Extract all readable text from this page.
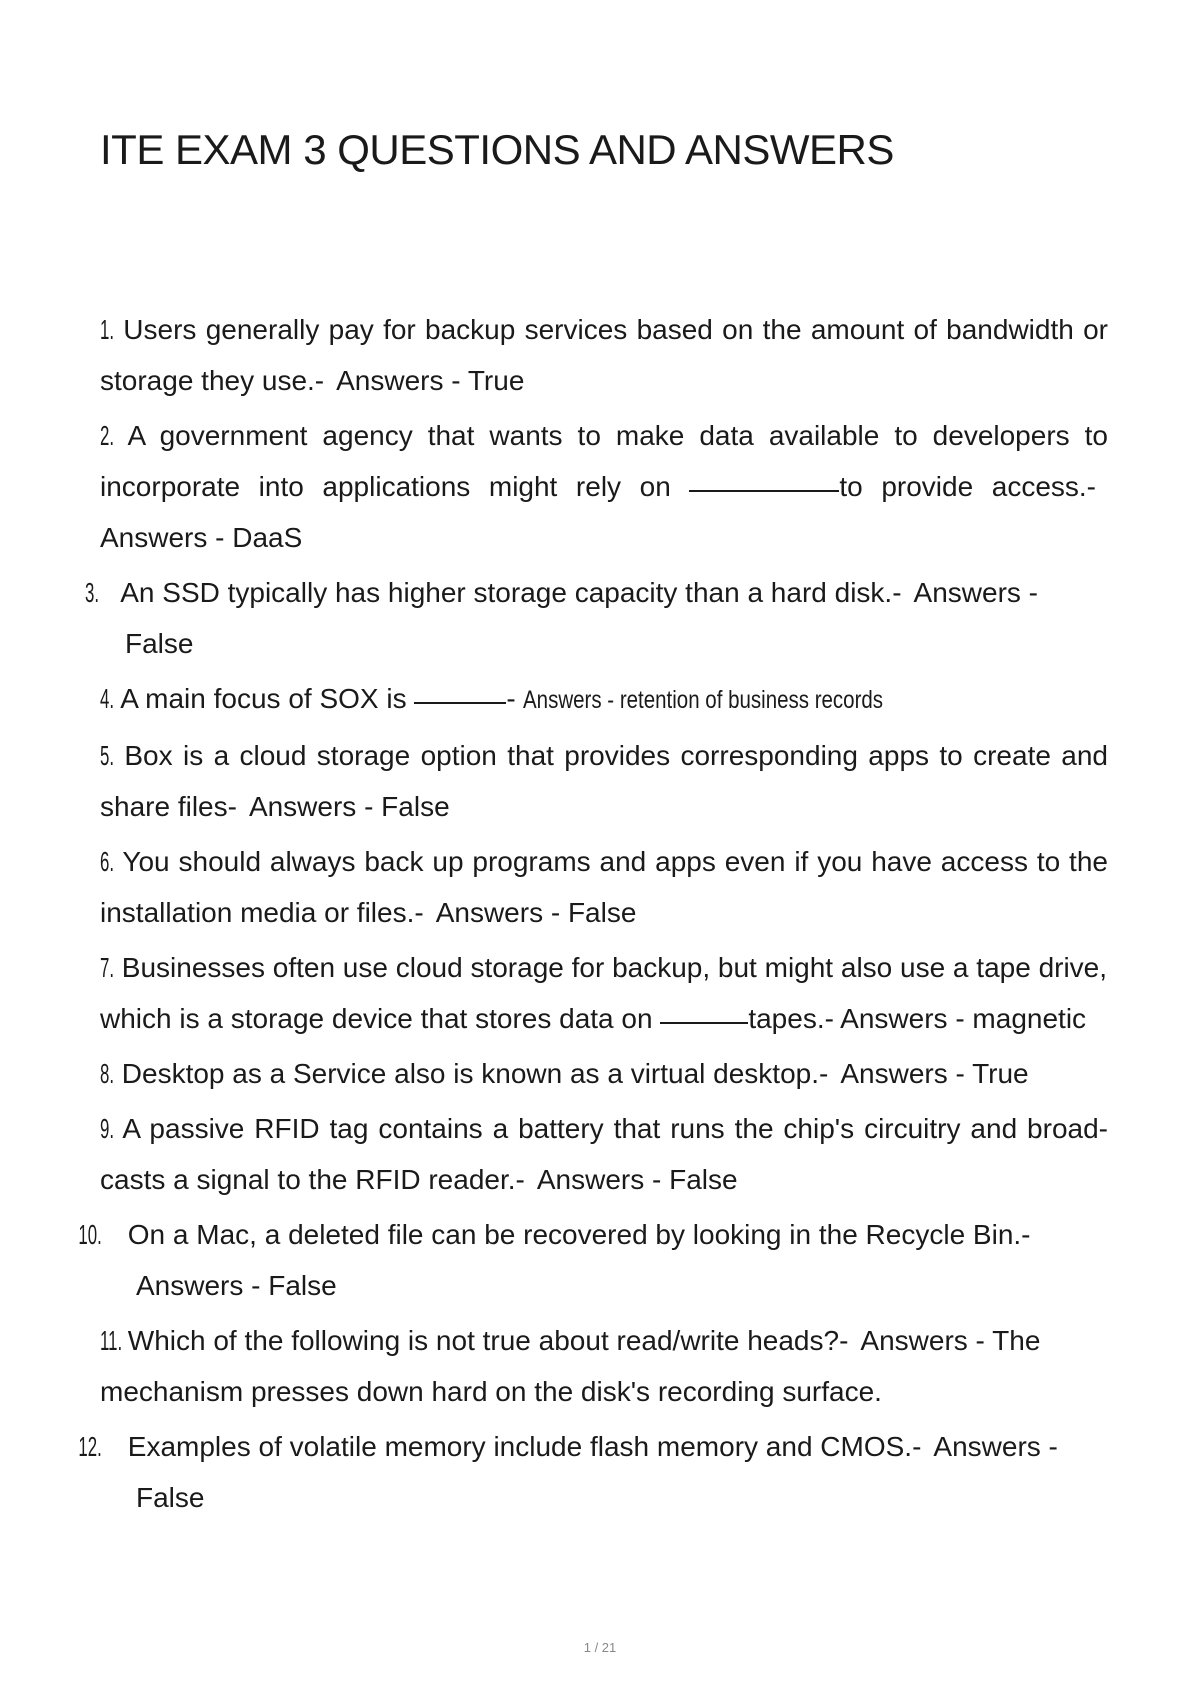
ITE EXAM 3 QUESTIONS AND ANSWERS

1. Users generally pay for backup services based on the amount of bandwidth or storage they use.- Answers - True

2. A government agency that wants to make data available to developers to incorporate into applications might rely on	to provide access.-Answers - DaaS

3. An SSD typically has higher storage capacity than a hard disk.- Answers - False

4. A main focus of SOX is	- Answers - retention of business records

5. Box is a cloud storage option that provides corresponding apps to create and share files- Answers - False

6. You should always back up programs and apps even if you have access to the installation media or files.- Answers - False

7. Businesses often use cloud storage for backup, but might also use a tape drive, which is a storage device that stores data on	tapes.- Answers - magnetic

8. Desktop as a Service also is known as a virtual desktop.- Answers - True

9. A passive RFID tag contains a battery that runs the chip's circuitry and broad- casts a signal to the RFID reader.- Answers - False

10. On a Mac, a deleted file can be recovered by looking in the Recycle Bin.-Answers - False

11. Which of the following is not true about read/write heads?- Answers - The mechanism presses down hard on the disk's recording surface.

12. Examples of volatile memory include flash memory and CMOS.- Answers - False

1 / 21
